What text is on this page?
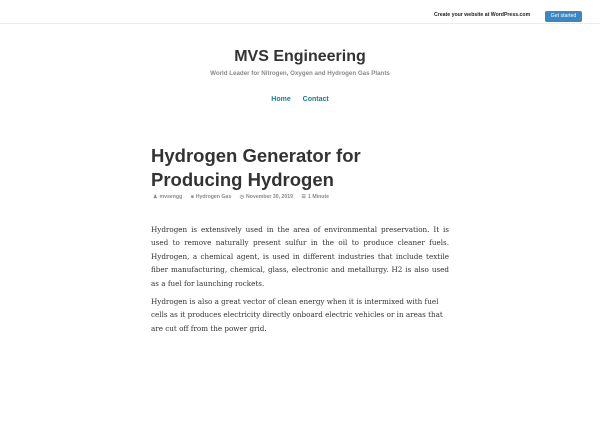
Create your website at WordPress.com	Get started
MVS Engineering
World Leader for Nitrogen, Oxygen and Hydrogen Gas Plants
Home Contact
Hydrogen Generator for Producing Hydrogen
♟ mvsengg ■ Hydrogen Gas ◷ November 30, 2019 ☰ 1 Minute

Hydrogen is extensively used in the area of environmental preservation. It is used to remove naturally present sulfur in the oil to produce cleaner fuels. Hydrogen, a chemical agent, is used in different industries that include textile fiber manufacturing, chemical, glass, electronic and metallurgy. H2 is also used as a fuel for launching rockets.

Hydrogen is also a great vector of clean energy when it is intermixed with fuel cells as it produces electricity directly onboard electric vehicles or in areas that are cut off from the power grid.
